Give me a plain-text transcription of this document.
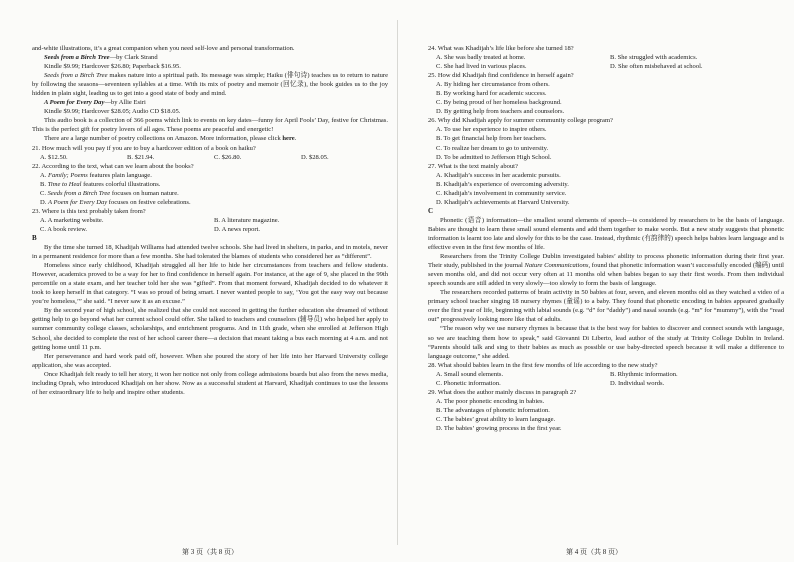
and-white illustrations, it’s a great companion when you need self-love and personal transformation.

Seeds from a Birch Tree—by Clark Strand

Kindle $9.99; Hardcover $26.80; Paperback $16.95.

Seeds from a Birch Tree makes nature into a spiritual path. Its message was simple; Haiku (俳句诗) teaches us to return to nature by following the seasons—seventeen syllables at a time. With its mix of poetry and memoir (回忆录), the book guides us to the joy hidden in plain sight, leading us to get into a good state of body and mind.

A Poem for Every Day—by Allie Esiri

Kindle $9.99; Hardcover $28.05; Audio CD $18.05.

This audio book is a collection of 366 poems which link to events on key dates—funny for April Fools’ Day, festive for Christmas. This is the perfect gift for poetry lovers of all ages. These poems are peaceful and energetic!

There are a large number of poetry collections on Amazon. More information, please click here.

21. How much will you pay if you are to buy a hardcover edition of a book on haiku?

A. $12.50.	B. $21.94.	C. $26.80.	D. $28.05.

22. According to the text, what can we learn about the books?

A. Family; Poems features plain language.

B. Time to Heal features colorful illustrations.

C. Seeds from a Birch Tree focuses on human nature.

D. A Poem for Every Day focuses on festive celebrations.

23. Where is this text probably taken from?

A. A marketing website.	B. A literature magazine.
C. A book review.	D. A news report.

B

By the time she turned 18, Khadijah Williams had attended twelve schools. She had lived in shelters, in parks, and in motels, never in a permanent residence for more than a few months. She had tolerated the blames of students who considered her as “different”.

Homeless since early childhood, Khadijah struggled all her life to hide her circumstances from teachers and fellow students. However, academics proved to be a way for her to find confidence in herself again. For instance, at the age of 9, she placed in the 99th percentile on a state exam, and her teacher told her she was “gifted”. From that moment forward, Khadijah decided to do whatever it took to keep herself in that category. “I was so proud of being smart. I never wanted people to say, ‘You got the easy way out because you’re homeless,’” she said. “I never saw it as an excuse.”

By the second year of high school, she realized that she could not succeed in getting the further education she dreamed of without getting help to go beyond what her current school could offer. She talked to teachers and counselors (辅导员) who helped her apply to summer community college classes, scholarships, and enrichment programs. And in 11th grade, when she enrolled at Jefferson High School, she decided to complete the rest of her school career there—a decision that meant taking a bus each morning at 4 a.m. and not getting home until 11 p.m.

Her perseverance and hard work paid off, however. When she poured the story of her life into her Harvard University college application, she was accepted.

Once Khadijah felt ready to tell her story, it won her notice not only from college admissions boards but also from the news media, including Oprah, who introduced Khadijah on her show. Now as a successful student at Harvard, Khadijah continues to use the lessons of her extraordinary life to help and inspire other students.

第 3 页（共 8 页）

24. What was Khadijah’s life like before she turned 18?

A. She was badly treated at home.	B. She struggled with academics.
C. She had lived in various places.	D. She often misbehaved at school.

25. How did Khadijah find confidence in herself again?

A. By hiding her circumstance from others.

B. By working hard for academic success.

C. By being proud of her homeless background.

D. By getting help from teachers and counselors.

26. Why did Khadijah apply for summer community college program?

A. To use her experience to inspire others.

B. To get financial help from her teachers.

C. To realize her dream to go to university.

D. To be admitted to Jefferson High School.

27. What is the text mainly about?

A. Khadijah’s success in her academic pursuits.

B. Khadijah’s experience of overcoming adversity.

C. Khadijah’s involvement in community service.

D. Khadijah’s achievements at Harvard University.

C

Phonetic (语音) information—the smallest sound elements of speech—is considered by researchers to be the basis of language. Babies are thought to learn these small sound elements and add them together to make words. But a new study suggests that phonetic information is learnt too late and slowly for this to be the case. Instead, rhythmic (有韵律的) speech helps babies learn language and is effective even in the first few months of life.

Researchers from the Trinity College Dublin investigated babies’ ability to process phonetic information during their first year. Their study, published in the journal Nature Communications, found that phonetic information wasn’t successfully encoded (编码) until seven months old, and did not occur very often at 11 months old when babies began to say their first words. From then individual speech sounds are still added in very slowly—too slowly to form the basis of language.

The researchers recorded patterns of brain activity in 50 babies at four, seven, and eleven months old as they watched a video of a primary school teacher singing 18 nursery rhymes (童谣) to a baby. They found that phonetic encoding in babies appeared gradually over the first year of life, beginning with labial sounds (e.g. “d” for “daddy”) and nasal sounds (e.g. “m” for “mummy”), with the “read out” progressively looking more like that of adults.

“The reason why we use nursery rhymes is because that is the best way for babies to discover and connect sounds with language, so we are teaching them how to speak,” said Giovanni Di Liberto, lead author of the study at Trinity College Dublin in Ireland. “Parents should talk and sing to their babies as much as possible or use baby-directed speech because it will make a difference to language outcome,” she added.

28. What should babies learn in the first few months of life according to the new study?

A. Small sound elements.	B. Rhythmic information.
C. Phonetic information.	D. Individual words.

29. What does the author mainly discuss in paragraph 2?

A. The poor phonetic encoding in babies.

B. The advantages of phonetic information.

C. The babies’ great ability to learn language.

D. The babies’ growing process in the first year.

第 4 页（共 8 页）
